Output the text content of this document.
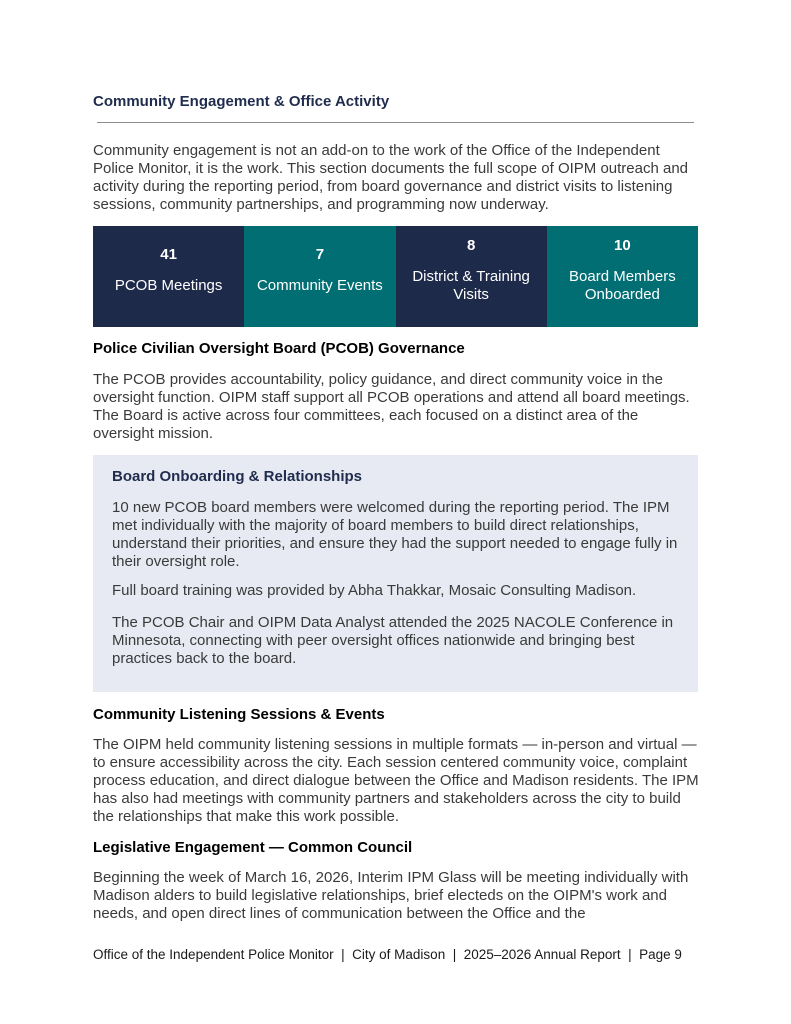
Community Engagement & Office Activity

Community engagement is not an add-on to the work of the Office of the Independent Police Monitor, it is the work. This section documents the full scope of OIPM outreach and activity during the reporting period, from board governance and district visits to listening sessions, community partnerships, and programming now underway.

41
PCOB Meetings
7
Community Events
8
District & Training Visits
10
Board Members Onboarded
Police Civilian Oversight Board (PCOB) Governance

The PCOB provides accountability, policy guidance, and direct community voice in the oversight function. OIPM staff support all PCOB operations and attend all board meetings. The Board is active across four committees, each focused on a distinct area of the oversight mission.

Board Onboarding & Relationships

10 new PCOB board members were welcomed during the reporting period. The IPM met individually with the majority of board members to build direct relationships, understand their priorities, and ensure they had the support needed to engage fully in their oversight role.

Full board training was provided by Abha Thakkar, Mosaic Consulting Madison.

The PCOB Chair and OIPM Data Analyst attended the 2025 NACOLE Conference in Minnesota, connecting with peer oversight offices nationwide and bringing best practices back to the board.

Community Listening Sessions & Events

The OIPM held community listening sessions in multiple formats — in-person and virtual — to ensure accessibility across the city. Each session centered community voice, complaint process education, and direct dialogue between the Office and Madison residents. The IPM has also had meetings with community partners and stakeholders across the city to build the relationships that make this work possible.

Legislative Engagement — Common Council

Beginning the week of March 16, 2026, Interim IPM Glass will be meeting individually with Madison alders to build legislative relationships, brief electeds on the OIPM's work and needs, and open direct lines of communication between the Office and the

Office of the Independent Police Monitor  |  City of Madison  |  2025–2026 Annual Report  |  Page 9
